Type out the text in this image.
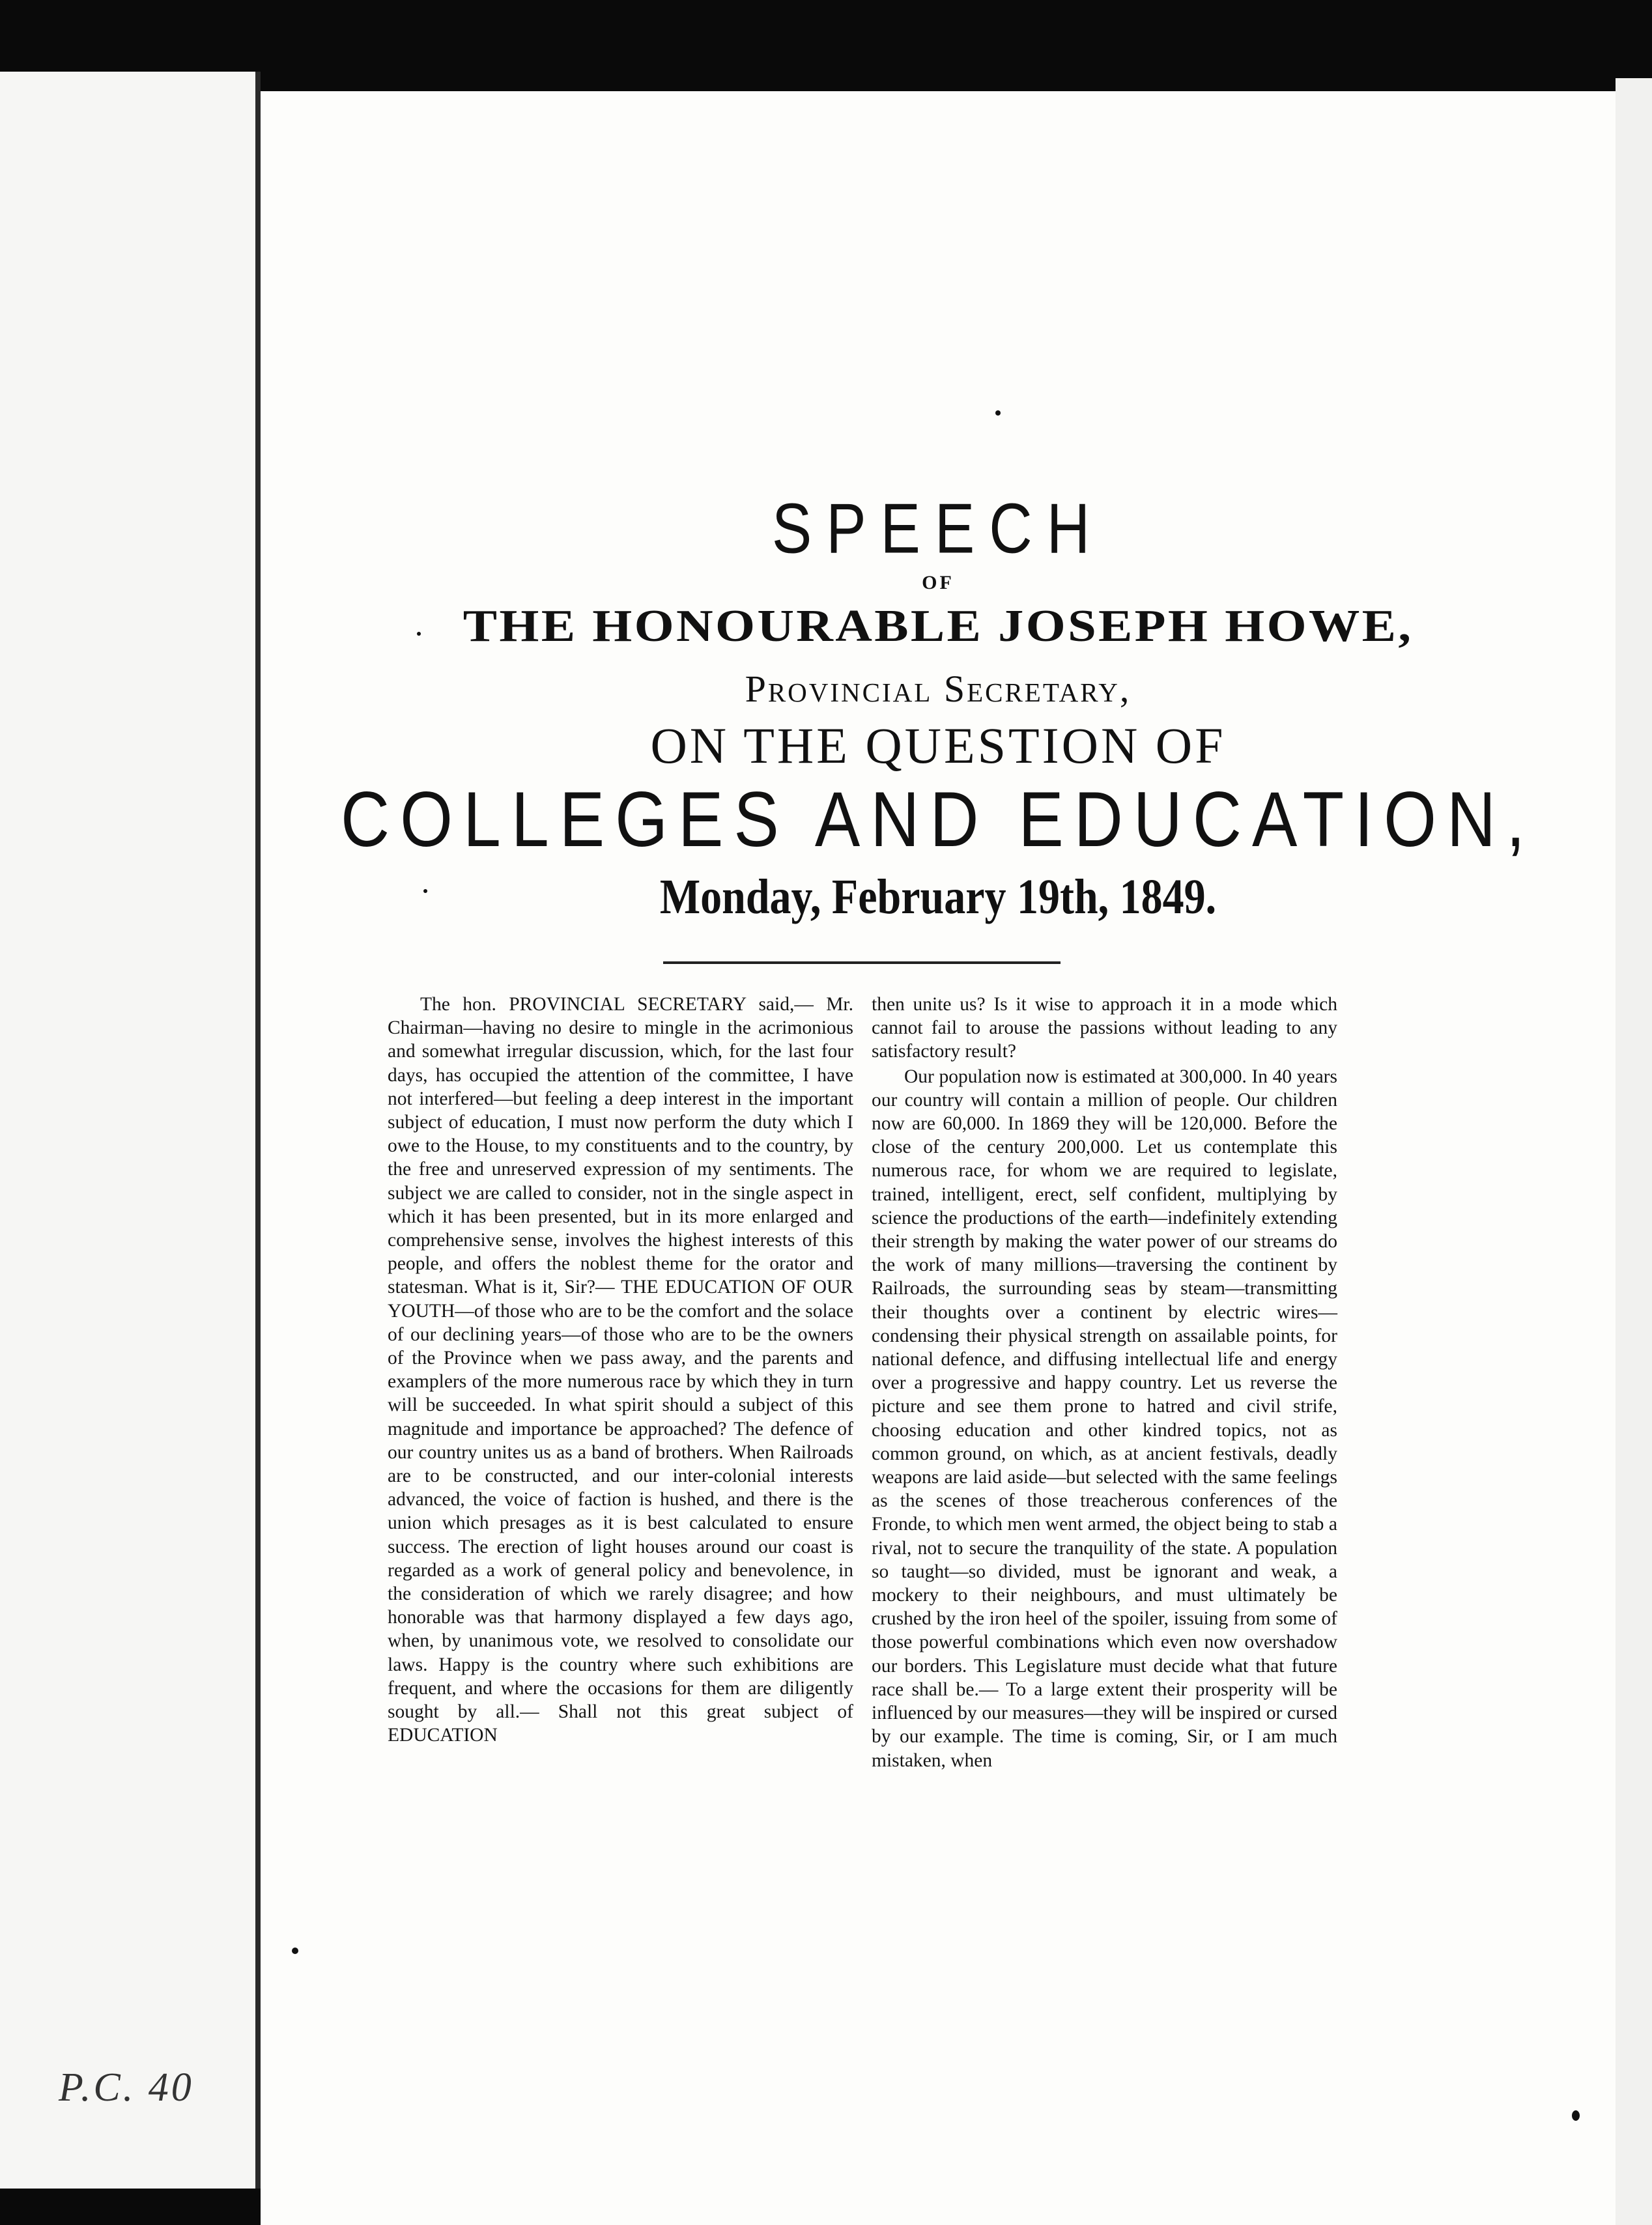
P.C. 40
SPEECH
OF
THE HONOURABLE JOSEPH HOWE,
Provincial Secretary,
ON THE QUESTION OF
COLLEGES AND EDUCATION,
Monday, February 19th, 1849.

The hon. PROVINCIAL SECRETARY said,— Mr. Chairman—having no desire to mingle in the acrimonious and somewhat irregular discussion, which, for the last four days, has occupied the attention of the committee, I have not interfered—but feeling a deep interest in the important subject of education, I must now perform the duty which I owe to the House, to my constituents and to the country, by the free and unreserved expression of my sentiments. The subject we are called to consider, not in the single aspect in which it has been presented, but in its more enlarged and comprehensive sense, involves the highest interests of this people, and offers the noblest theme for the orator and statesman. What is it, Sir?— THE EDUCATION OF OUR YOUTH—of those who are to be the comfort and the solace of our declining years—of those who are to be the owners of the Province when we pass away, and the parents and examplers of the more numerous race by which they in turn will be succeeded. In what spirit should a subject of this magnitude and importance be approached? The defence of our country unites us as a band of brothers. When Railroads are to be constructed, and our inter-colonial interests advanced, the voice of faction is hushed, and there is the union which presages as it is best calculated to ensure success. The erection of light houses around our coast is regarded as a work of general policy and benevolence, in the consideration of which we rarely disagree; and how honorable was that harmony displayed a few days ago, when, by unanimous vote, we resolved to consolidate our laws. Happy is the country where such exhibitions are frequent, and where the occasions for them are diligently sought by all.— Shall not this great subject of EDUCATION

then unite us? Is it wise to approach it in a mode which cannot fail to arouse the passions without leading to any satisfactory result?

Our population now is estimated at 300,000. In 40 years our country will contain a million of people. Our children now are 60,000. In 1869 they will be 120,000. Before the close of the century 200,000. Let us contemplate this numerous race, for whom we are required to legislate, trained, intelligent, erect, self confident, multiplying by science the productions of the earth—indefinitely extending their strength by making the water power of our streams do the work of many millions—traversing the continent by Railroads, the surrounding seas by steam—transmitting their thoughts over a continent by electric wires—condensing their physical strength on assailable points, for national defence, and diffusing intellectual life and energy over a progressive and happy country. Let us reverse the picture and see them prone to hatred and civil strife, choosing education and other kindred topics, not as common ground, on which, as at ancient festivals, deadly weapons are laid aside—but selected with the same feelings as the scenes of those treacherous conferences of the Fronde, to which men went armed, the object being to stab a rival, not to secure the tranquility of the state. A population so taught—so divided, must be ignorant and weak, a mockery to their neighbours, and must ultimately be crushed by the iron heel of the spoiler, issuing from some of those powerful combinations which even now overshadow our borders. This Legislature must decide what that future race shall be.— To a large extent their prosperity will be influenced by our measures—they will be inspired or cursed by our example. The time is coming, Sir, or I am much mistaken, when
